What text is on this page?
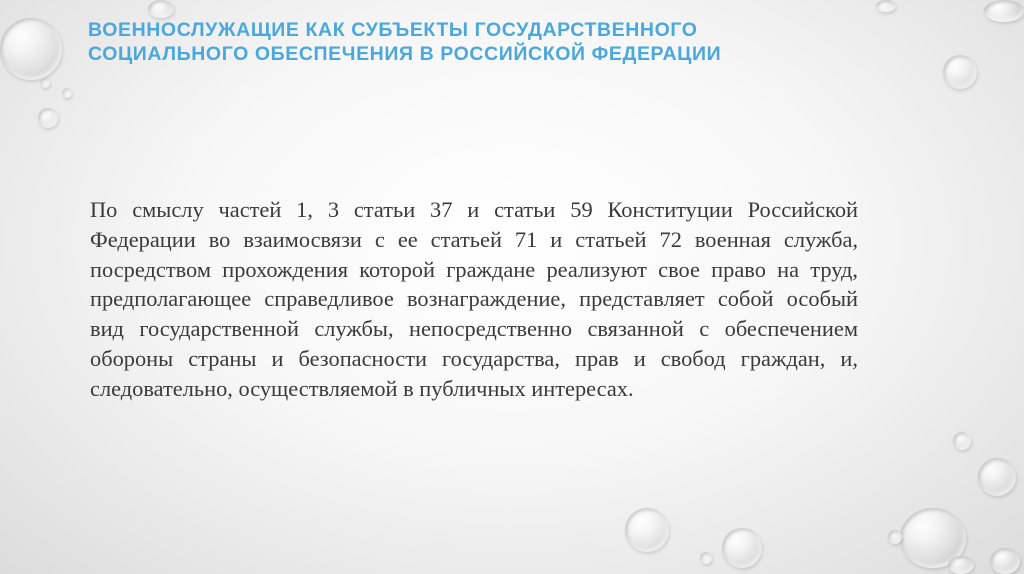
ВОЕННОСЛУЖАЩИЕ КАК СУБЪЕКТЫ ГОСУДАРСТВЕННОГО
СОЦИАЛЬНОГО ОБЕСПЕЧЕНИЯ В РОССИЙСКОЙ ФЕДЕРАЦИИ

По смыслу частей 1, 3 статьи 37 и статьи 59 Конституции Российской Федерации во взаимосвязи с ее статьей 71 и статьей 72 военная служба, посредством прохождения которой граждане реализуют свое право на труд, предполагающее справедливое вознаграждение, представляет собой особый вид государственной службы, непосредственно связанной с обеспечением обороны страны и безопасности государства, прав и свобод граждан, и, следовательно, осуществляемой в публичных интересах.
